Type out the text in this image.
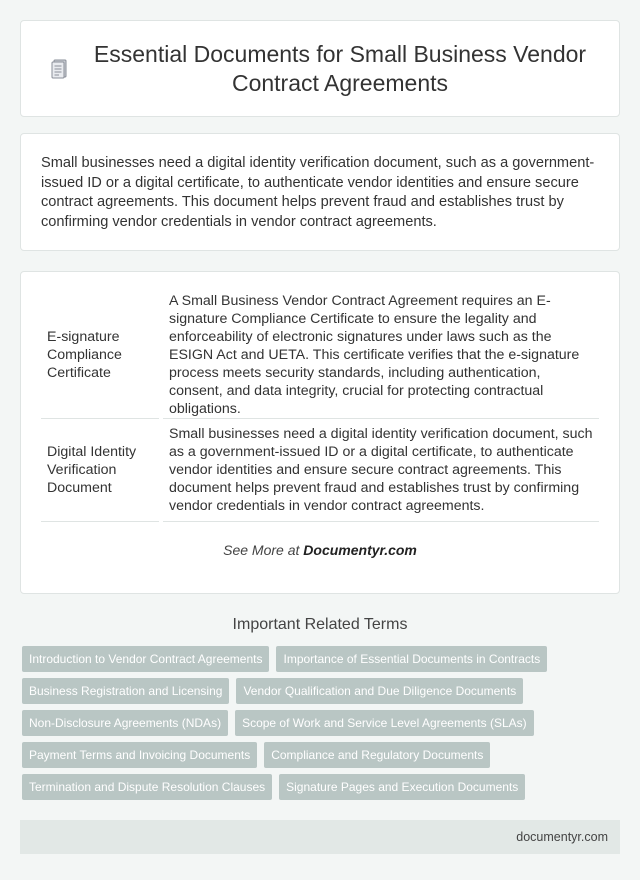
Essential Documents for Small Business Vendor Contract Agreements
Small businesses need a digital identity verification document, such as a government-issued ID or a digital certificate, to authenticate vendor identities and ensure secure contract agreements. This document helps prevent fraud and establishes trust by confirming vendor credentials in vendor contract agreements.
E-signature Compliance Certificate	A Small Business Vendor Contract Agreement requires an E-signature Compliance Certificate to ensure the legality and enforceability of electronic signatures under laws such as the ESIGN Act and UETA. This certificate verifies that the e-signature process meets security standards, including authentication, consent, and data integrity, crucial for protecting contractual obligations.
Digital Identity Verification Document	Small businesses need a digital identity verification document, such as a government-issued ID or a digital certificate, to authenticate vendor identities and ensure secure contract agreements. This document helps prevent fraud and establishes trust by confirming vendor credentials in vendor contract agreements.
See More at Documentyr.com
Important Related Terms
Introduction to Vendor Contract Agreements	Importance of Essential Documents in Contracts
Business Registration and Licensing	Vendor Qualification and Due Diligence Documents
Non-Disclosure Agreements (NDAs)	Scope of Work and Service Level Agreements (SLAs)
Payment Terms and Invoicing Documents	Compliance and Regulatory Documents
Termination and Dispute Resolution Clauses	Signature Pages and Execution Documents
documentyr.com
